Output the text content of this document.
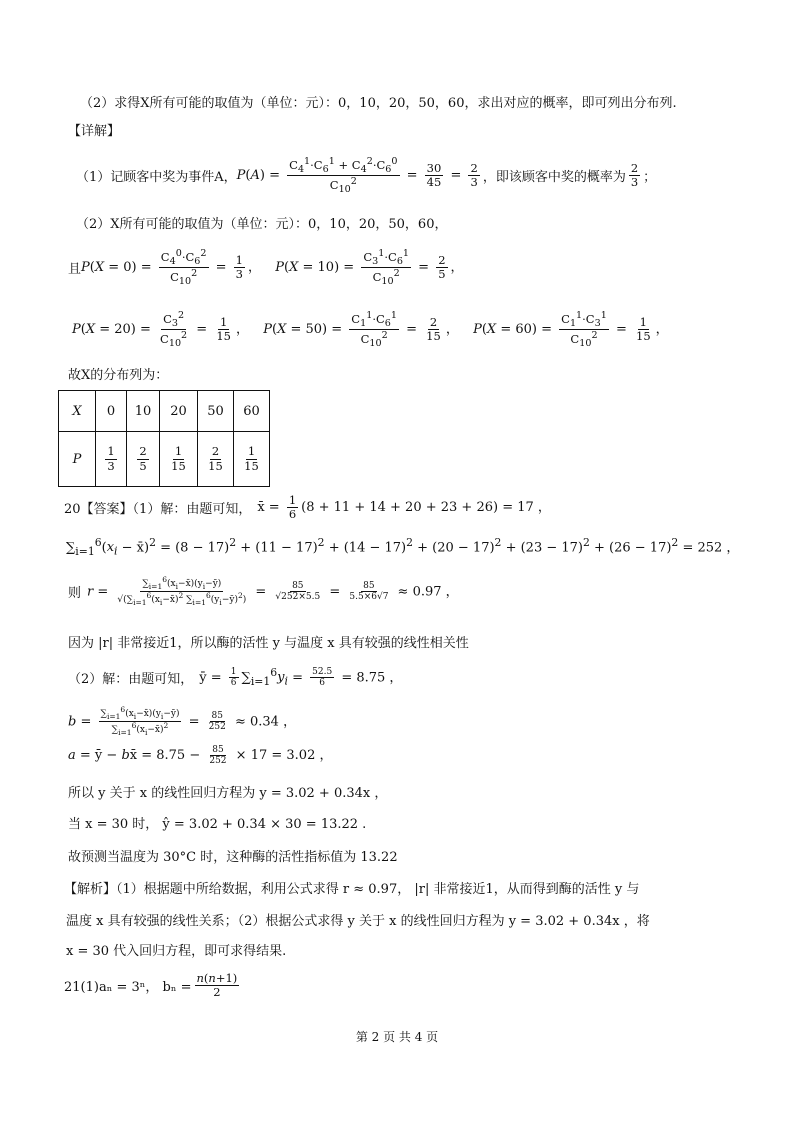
（2）求得X所有可能的取值为（单位：元）：0，10，20，50，60，求出对应的概率，即可列出分布列.
【详解】
（1）记顾客中奖为事件A， $P(A) = \frac{C_4^1\cdot C_6^1 + C_4^2\cdot C_6^0}{C_{10}^2} = \frac{30}{45} = \frac{2}{3}$ ，即该顾客中奖的概率为 $\frac{2}{3}$ ；
（2）X所有可能的取值为（单位：元）：0，10，20，50，60，
且 $P(X = 0) = \frac{C_4^0\cdot C_6^2}{C_{10}^2} = \frac{1}{3}$ ，  $P(X = 10) = \frac{C_3^1\cdot C_6^1}{C_{10}^2} = \frac{2}{5}$ ，
$P(X = 20) = \frac{C_3^2}{C_{10}^2} = \frac{1}{15}$ ，  $P(X = 50) = \frac{C_1^1\cdot C_6^1}{C_{10}^2} = \frac{2}{15}$ ，  $P(X = 60) = \frac{C_1^1\cdot C_3^1}{C_{10}^2} = \frac{1}{15}$ ，
故X的分布列为：
X	0	10	20	50	60
P	$\frac{1}{3}$	$\frac{2}{5}$	$\frac{1}{15}$	$\frac{2}{15}$	$\frac{1}{15}$
20【答案】（1）解：由题可知， x̄ = $\frac{1}{6} (8 + 11 + 14 + 20 + 23 + 26) = 17$ ，
$\sum_{i=1}^6(x_i$ − x̄)$^2$ = $(8 - 17)^2 + (11 - 17)^2 + (14 - 17)^2 + (20 - 17)^2 + (23 - 17)^2 + (26 - 17)^2 = 252$ ，
则 $r = \frac{\sum_{i=1}^6(x_i-x̄)(y_i-ȳ)}{√(\sum_{i=1}^6(x_i-x̄)^2 \sum_{i=1}^6(y_i-ȳ)^2)} = \frac{85}{√252\times 5.5} = \frac{85}{5.5\times 6√7} \approx 0.97$ ，
因为 |r| 非常接近1，所以酶的活性 y 与温度 x 具有较强的线性相关性
（2）解：由题可知， ȳ = $\frac{1}{6} \sum_{i=1}^6y_i = \frac{52.5}{6} = 8.75$ ，
$b = \frac{\sum_{i=1}^6(x_i-x̄)(y_i-ȳ)}{\sum_{i=1}^6(x_i-x̄)^2} = \frac{85}{252} \approx 0.34$ ，
a = ȳ − bx̄ = $8.75 - \frac{85}{252} \times 17 = 3.02$ ，
所以 y 关于 x 的线性回归方程为 y = 3.02 + 0.34x ，
当 x = 30 时， ŷ = 3.02 + 0.34 × 30 = 13.22 .
故预测当温度为 30°C 时，这种酶的活性指标值为 13.22
【解析】（1）根据题中所给数据，利用公式求得 r ≈ 0.97， |r| 非常接近1，从而得到酶的活性 y 与
温度 x 具有较强的线性关系；（2）根据公式求得 y 关于 x 的线性回归方程为 y = 3.02 + 0.34x ，将
x = 30 代入回归方程，即可求得结果.
21(1)aₙ = 3ⁿ， $b_n = \frac{n(n+1)}{2}$
第 2 页 共 4 页
